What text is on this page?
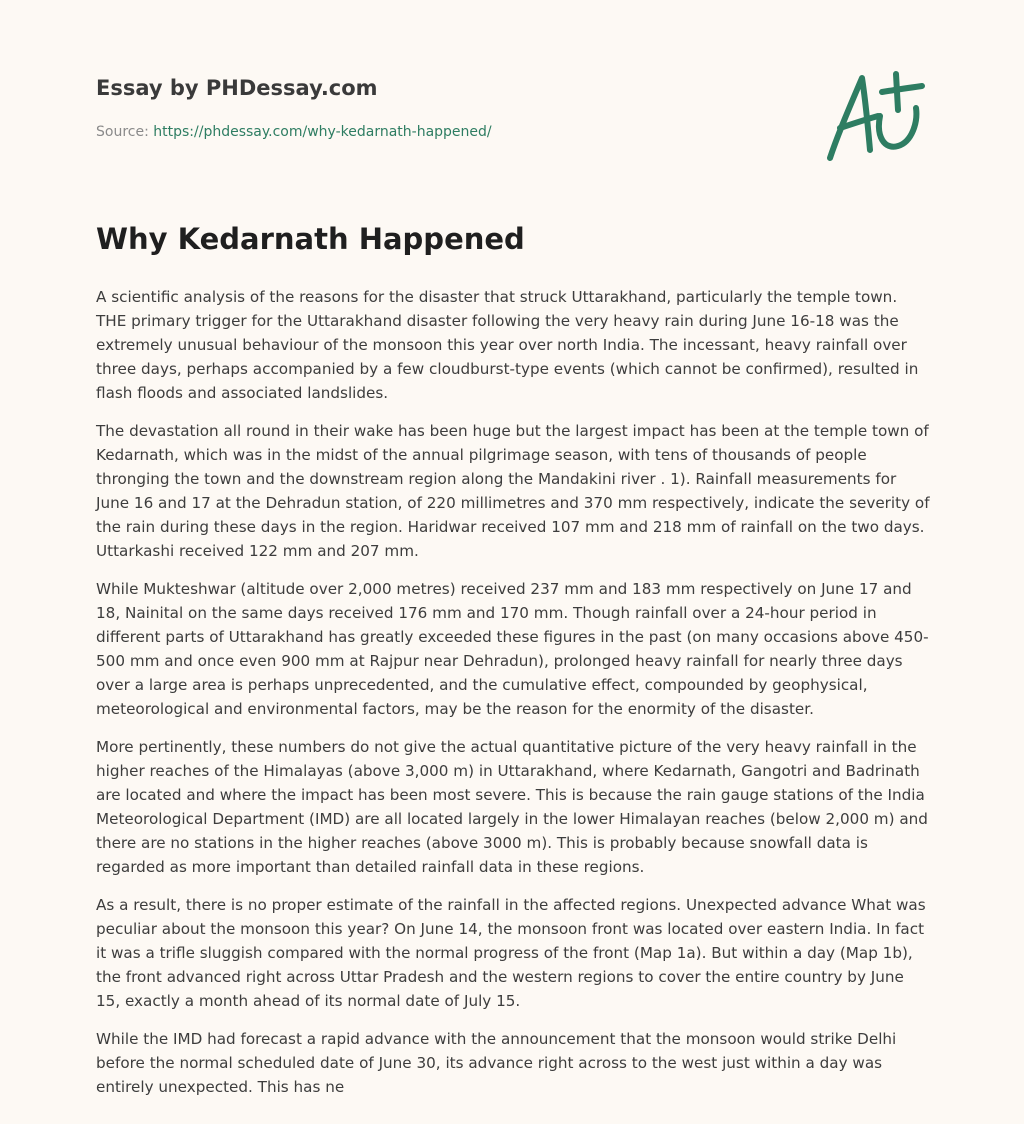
Essay by PHDessay.com
Source: https://phdessay.com/why-kedarnath-happened/
Why Kedarnath Happened

A scientific analysis of the reasons for the disaster that struck Uttarakhand, particularly the temple town. THE primary trigger for the Uttarakhand disaster following the very heavy rain during June 16-18 was the extremely unusual behaviour of the monsoon this year over north India. The incessant, heavy rainfall over three days, perhaps accompanied by a few cloudburst-type events (which cannot be confirmed), resulted in flash floods and associated landslides.

The devastation all round in their wake has been huge but the largest impact has been at the temple town of Kedarnath, which was in the midst of the annual pilgrimage season, with tens of thousands of people thronging the town and the downstream region along the Mandakini river . 1). Rainfall measurements for June 16 and 17 at the Dehradun station, of 220 millimetres and 370 mm respectively, indicate the severity of the rain during these days in the region. Haridwar received 107 mm and 218 mm of rainfall on the two days. Uttarkashi received 122 mm and 207 mm.

While Mukteshwar (altitude over 2,000 metres) received 237 mm and 183 mm respectively on June 17 and 18, Nainital on the same days received 176 mm and 170 mm. Though rainfall over a 24-hour period in different parts of Uttarakhand has greatly exceeded these figures in the past (on many occasions above 450-500 mm and once even 900 mm at Rajpur near Dehradun), prolonged heavy rainfall for nearly three days over a large area is perhaps unprecedented, and the cumulative effect, compounded by geophysical, meteorological and environmental factors, may be the reason for the enormity of the disaster.

More pertinently, these numbers do not give the actual quantitative picture of the very heavy rainfall in the higher reaches of the Himalayas (above 3,000 m) in Uttarakhand, where Kedarnath, Gangotri and Badrinath are located and where the impact has been most severe. This is because the rain gauge stations of the India Meteorological Department (IMD) are all located largely in the lower Himalayan reaches (below 2,000 m) and there are no stations in the higher reaches (above 3000 m). This is probably because snowfall data is regarded as more important than detailed rainfall data in these regions.

As a result, there is no proper estimate of the rainfall in the affected regions. Unexpected advance What was peculiar about the monsoon this year? On June 14, the monsoon front was located over eastern India. In fact it was a trifle sluggish compared with the normal progress of the front (Map 1a). But within a day (Map 1b), the front advanced right across Uttar Pradesh and the western regions to cover the entire country by June 15, exactly a month ahead of its normal date of July 15.

While the IMD had forecast a rapid advance with the announcement that the monsoon would strike Delhi before the normal scheduled date of June 30, its advance right across to the west just within a day was entirely unexpected. This has ne
